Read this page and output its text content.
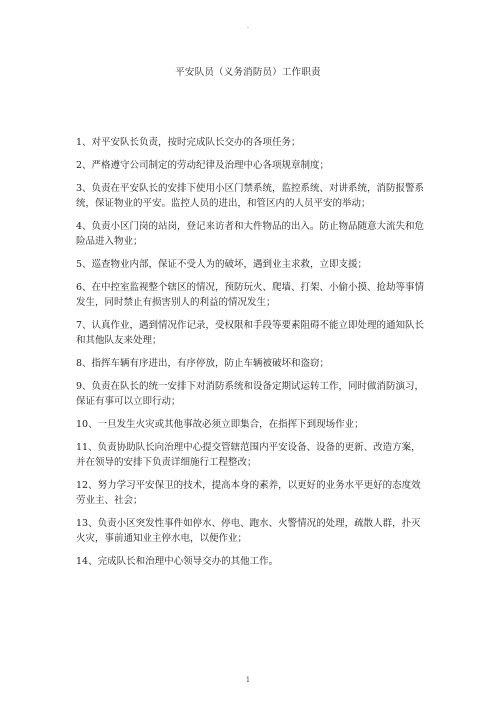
.
平安队员（义务消防员）工作职责
1、对平安队长负责，按时完成队长交办的各项任务；
2、严格遵守公司制定的劳动纪律及治理中心各项规章制度；
3、负责在平安队长的安排下使用小区门禁系统，监控系统、对讲系统，消防报警系统，保证物业的平安。监控人员的进出，和管区内的人员平安的举动；
4、负责小区门岗的站岗，登记来访者和大件物品的出入。防止物品随意大流失和危险品进入物业；
5、巡查物业内部，保证不受人为的破坏，遇到业主求救，立即支援；
6、在中控室监视整个辖区的情况，预防玩火、爬墙、打架、小偷小摸、抢劫等事情发生，同时禁止有损害别人的利益的情况发生；
7、认真作业，遇到情况作记录，受权限和手段等要素阻碍不能立即处理的通知队长和其他队友来处理；
8、指挥车辆有序进出，有序停放，防止车辆被破坏和盗窃；
9、负责在队长的统一安排下对消防系统和设备定期试运转工作，同时做消防演习，保证有事可以立即行动；
10、一旦发生火灾或其他事故必须立即集合，在指挥下到现场作业；
11、负责协助队长向治理中心提交管辖范围内平安设备、设备的更新、改造方案，并在领导的安排下负责详细施行工程整改；
12、努力学习平安保卫的技术，提高本身的素养，以更好的业务水平更好的态度效劳业主、社会；
13、负责小区突发性事件如停水、停电、跑水、火警情况的处理，疏散人群，扑灭火灾，事前通知业主停水电，以便作业；
14、完成队长和治理中心领导交办的其他工作。
1
